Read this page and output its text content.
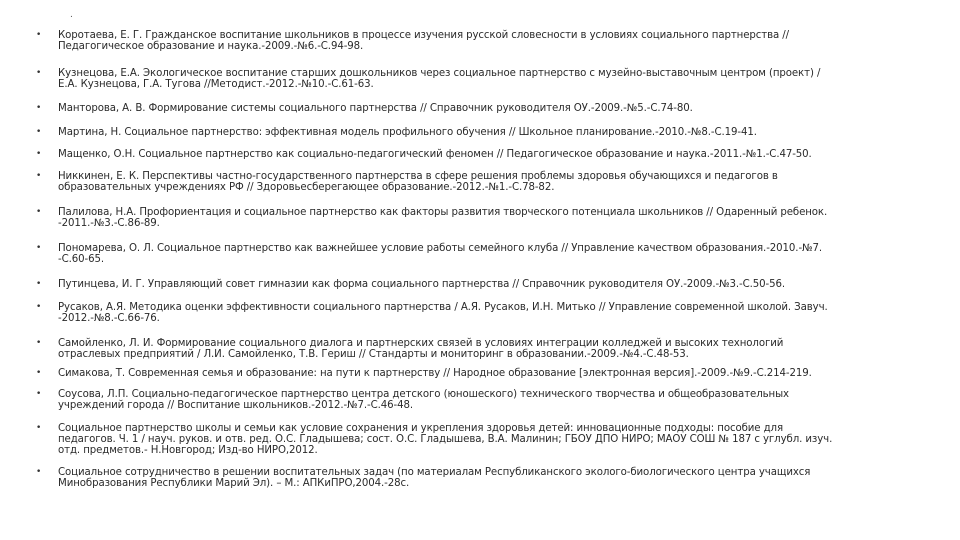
.
•	Коротаева, Е. Г. Гражданское воспитание школьников в процессе изучения русской словесности в условиях социального партнерства //
Педагогическое образование и наука.-2009.-№6.-С.94-98.
•	Кузнецова, Е.А. Экологическое воспитание старших дошкольников через социальное партнерство с музейно-выставочным центром (проект) /
Е.А. Кузнецова, Г.А. Тугова //Методист.-2012.-№10.-С.61-63.
•	Манторова, А. В. Формирование системы социального партнерства // Справочник руководителя ОУ.-2009.-№5.-С.74-80.
•	Мартина, Н. Социальное партнерство: эффективная модель профильного обучения // Школьное планирование.-2010.-№8.-С.19-41.
•	Мащенко, О.Н. Социальное партнерство как социально-педагогический феномен // Педагогическое образование и наука.-2011.-№1.-С.47-50.
•	Никкинен, Е. К. Перспективы частно-государственного партнерства в сфере решения проблемы здоровья обучающихся и педагогов в
образовательных учреждениях РФ // Здоровьесберегающее образование.-2012.-№1.-С.78-82.
•	Палилова, Н.А. Профориентация и социальное партнерство как факторы развития творческого потенциала школьников // Одаренный ребенок.
-2011.-№3.-С.86-89.
•	Пономарева, О. Л. Социальное партнерство как важнейшее условие работы семейного клуба // Управление качеством образования.-2010.-№7.
-С.60-65.
•	Путинцева, И. Г. Управляющий совет гимназии как форма социального партнерства // Справочник руководителя ОУ.-2009.-№3.-С.50-56.
•	Русаков, А.Я. Методика оценки эффективности социального партнерства / А.Я. Русаков, И.Н. Митько // Управление современной школой. Завуч.
-2012.-№8.-С.66-76.
•	Самойленко, Л. И. Формирование социального диалога и партнерских связей в условиях интеграции колледжей и высоких технологий
отраслевых предприятий / Л.И. Самойленко, Т.В. Гериш // Стандарты и мониторинг в образовании.-2009.-№4.-С.48-53.
•	Симакова, Т. Современная семья и образование: на пути к партнерству // Народное образование [электронная версия].-2009.-№9.-С.214-219.
•	Соусова, Л.П. Социально-педагогическое партнерство центра детского (юношеского) технического творчества и общеобразовательных
учреждений города // Воспитание школьников.-2012.-№7.-С.46-48.
•	Социальное партнерство школы и семьи как условие сохранения и укрепления здоровья детей: инновационные подходы: пособие для
педагогов. Ч. 1 / науч. руков. и отв. ред. О.С. Гладышева; сост. О.С. Гладышева, В.А. Малинин; ГБОУ ДПО НИРО; МАОУ СОШ № 187 с углубл. изуч.
отд. предметов.- Н.Новгород; Изд-во НИРО,2012.
•	Социальное сотрудничество в решении воспитательных задач (по материалам Республиканского эколого-биологического центра учащихся
Минобразования Республики Марий Эл). – М.: АПКиПРО,2004.-28с.
